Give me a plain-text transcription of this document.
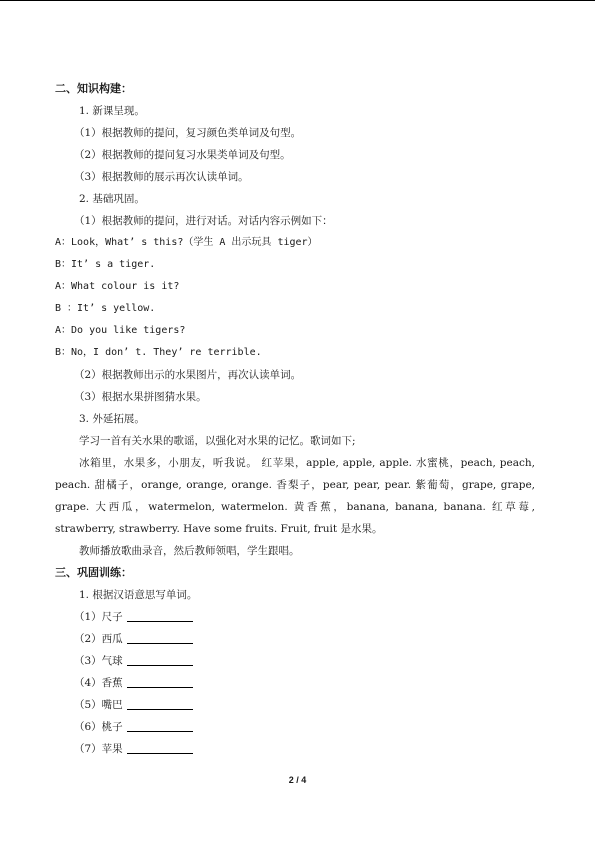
二、知识构建：
1. 新课呈现。
（1）根据教师的提问，复习颜色类单词及句型。
（2）根据教师的提问复习水果类单词及句型。
（3）根据教师的展示再次认读单词。
2. 基础巩固。
（1）根据教师的提问，进行对话。对话内容示例如下：
A：Look，What’ s this?（学生 A 出示玩具 tiger）
B：It’ s a tiger.
A：What colour is it?
B ：It’ s yellow.
A：Do you like tigers?
B：No，I don’ t. They’ re terrible.
（2）根据教师出示的水果图片，再次认读单词。
（3）根据水果拼图猜水果。
3. 外延拓展。
学习一首有关水果的歌谣，以强化对水果的记忆。歌词如下;
冰箱里，水果多，小朋友，听我说。 红苹果，apple, apple, apple. 水蜜桃，peach, peach, peach. 甜橘子，orange, orange, orange. 香梨子，pear, pear, pear. 紫葡萄，grape, grape, grape. 大西瓜，watermelon, watermelon. 黄香蕉，banana, banana, banana. 红草莓, strawberry, strawberry. Have some fruits. Fruit, fruit 是水果。
教师播放歌曲录音，然后教师领唱，学生跟唱。
三、巩固训练：
1. 根据汉语意思写单词。
（1）尺子
（2）西瓜
（3）气球
（4）香蕉
（5）嘴巴
（6）桃子
（7）苹果
2 / 4
